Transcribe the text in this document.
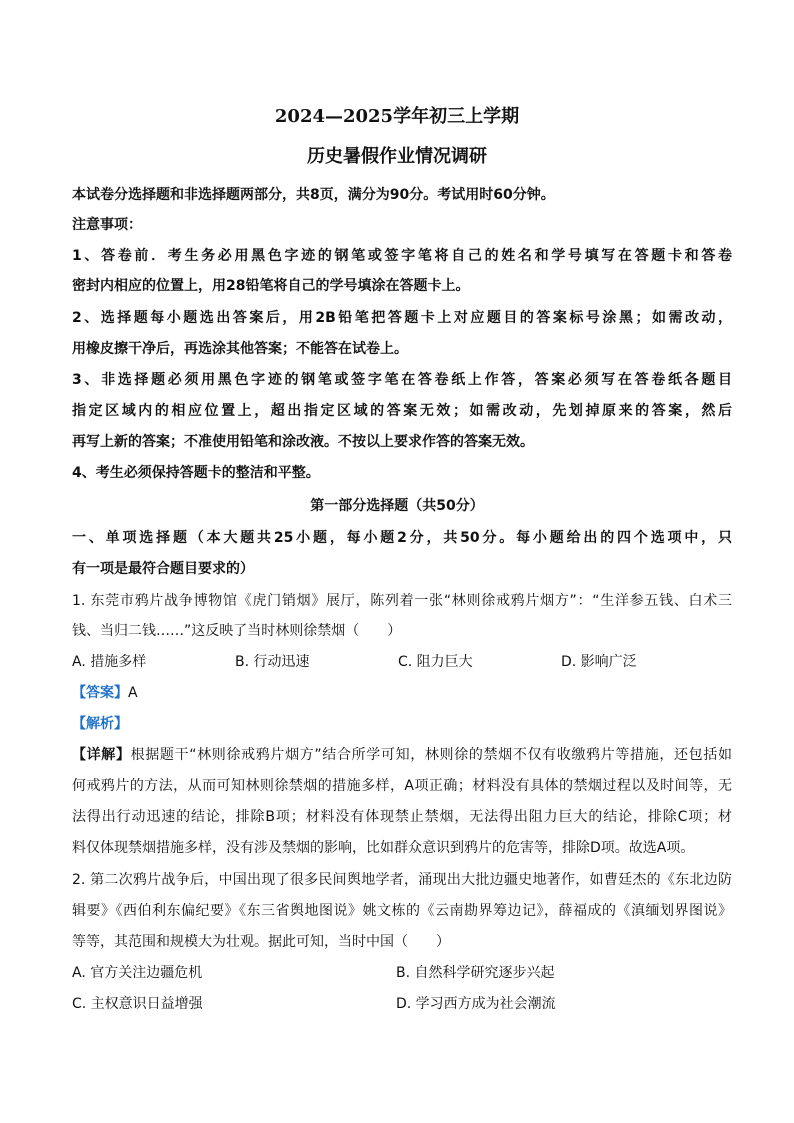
2024—2025学年初三上学期
历史暑假作业情况调研
本试卷分选择题和非选择题两部分，共8页，满分为90分。考试用时60分钟。
注意事项：
1、答卷前．考生务必用黑色字迹的钢笔或签字笔将自己的姓名和学号填写在答题卡和答卷
密封内相应的位置上，用28铅笔将自己的学号填涂在答题卡上。
2、选择题每小题选出答案后，用2B铅笔把答题卡上对应题目的答案标号涂黑；如需改动，
用橡皮擦干净后，再选涂其他答案；不能答在试卷上。
3、非选择题必须用黑色字迹的钢笔或签字笔在答卷纸上作答，答案必须写在答卷纸各题目
指定区域内的相应位置上，超出指定区域的答案无效；如需改动，先划掉原来的答案，然后
再写上新的答案；不准使用铅笔和涂改液。不按以上要求作答的答案无效。
4、考生必须保持答题卡的整洁和平整。
第一部分选择题（共50分）
一、单项选择题（本大题共25小题，每小题2分，共50分。每小题给出的四个选项中，只
有一项是最符合题目要求的）
1. 东莞市鸦片战争博物馆《虎门销烟》展厅，陈列着一张“林则徐戒鸦片烟方”：“生洋参五钱、白术三
钱、当归二钱……”这反映了当时林则徐禁烟（　　）
A. 措施多样	B. 行动迅速	C. 阻力巨大	D. 影响广泛
【答案】A
【解析】
【详解】根据题干“林则徐戒鸦片烟方”结合所学可知，林则徐的禁烟不仅有收缴鸦片等措施，还包括如
何戒鸦片的方法，从而可知林则徐禁烟的措施多样，A项正确；材料没有具体的禁烟过程以及时间等，无
法得出行动迅速的结论，排除B项；材料没有体现禁止禁烟，无法得出阻力巨大的结论，排除C项；材
料仅体现禁烟措施多样，没有涉及禁烟的影响，比如群众意识到鸦片的危害等，排除D项。故选A项。
2. 第二次鸦片战争后，中国出现了很多民间舆地学者，涌现出大批边疆史地著作，如曹廷杰的《东北边防
辑要》《西伯利东偏纪要》《东三省舆地图说》姚文栋的《云南勘界筹边记》，薛福成的《滇缅划界图说》
等等，其范围和规模大为壮观。据此可知，当时中国（　　）
A. 官方关注边疆危机	B. 自然科学研究逐步兴起
C. 主权意识日益增强	D. 学习西方成为社会潮流
